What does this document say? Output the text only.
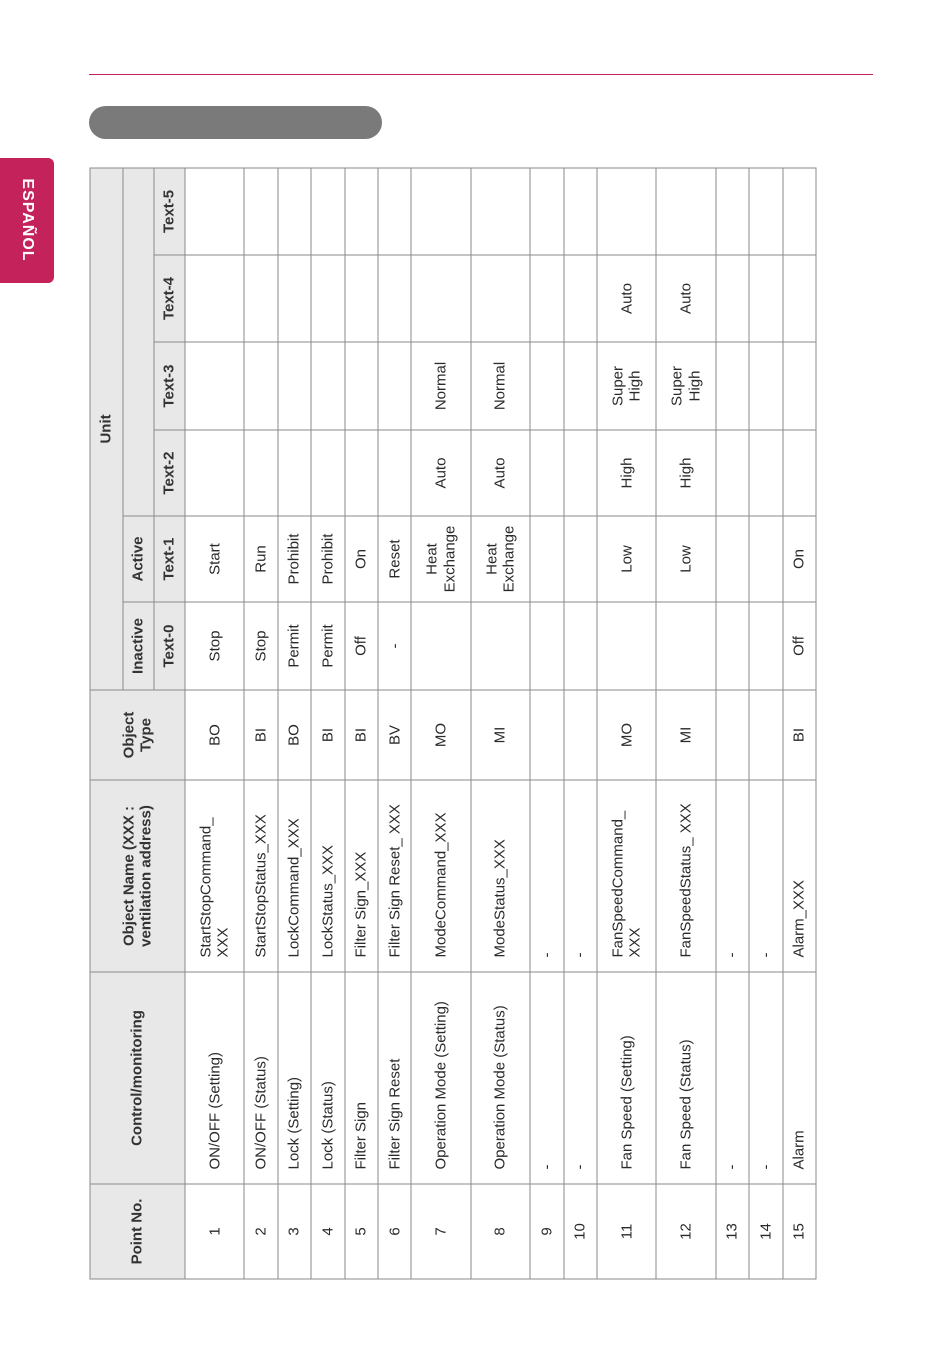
ESPAÑOL
Point No.	Control/monitoring	Object Name (XXX : ventilation address)	Object Type	Unit					
				Inactive	Active				
				Text-0	Text-1	Text-2	Text-3	Text-4	Text-5
1	ON/OFF (Setting)	StartStopCommand_ XXX	BO	Stop	Start				
2	ON/OFF (Status)	StartStopStatus_XXX	BI	Stop	Run				
3	Lock (Setting)	LockCommand_XXX	BO	Permit	Prohibit				
4	Lock (Status)	LockStatus_XXX	BI	Permit	Prohibit				
5	Filter Sign	Filter Sign_XXX	BI	Off	On				
6	Filter Sign Reset	Filter Sign Reset_ XXX	BV	-	Reset				
7	Operation Mode (Setting)	ModeCommand_XXX	MO		Heat Exchange	Auto	Normal		
8	Operation Mode (Status)	ModeStatus_XXX	MI		Heat Exchange	Auto	Normal		
9	-	-							
10	-	-							
11	Fan Speed (Setting)	FanSpeedCommand_ XXX	MO		Low	High	Super High	Auto	
12	Fan Speed (Status)	FanSpeedStatus_ XXX	MI		Low	High	Super High	Auto	
13	-	-							
14	-	-							
15	Alarm	Alarm_XXX	BI	Off	On				
